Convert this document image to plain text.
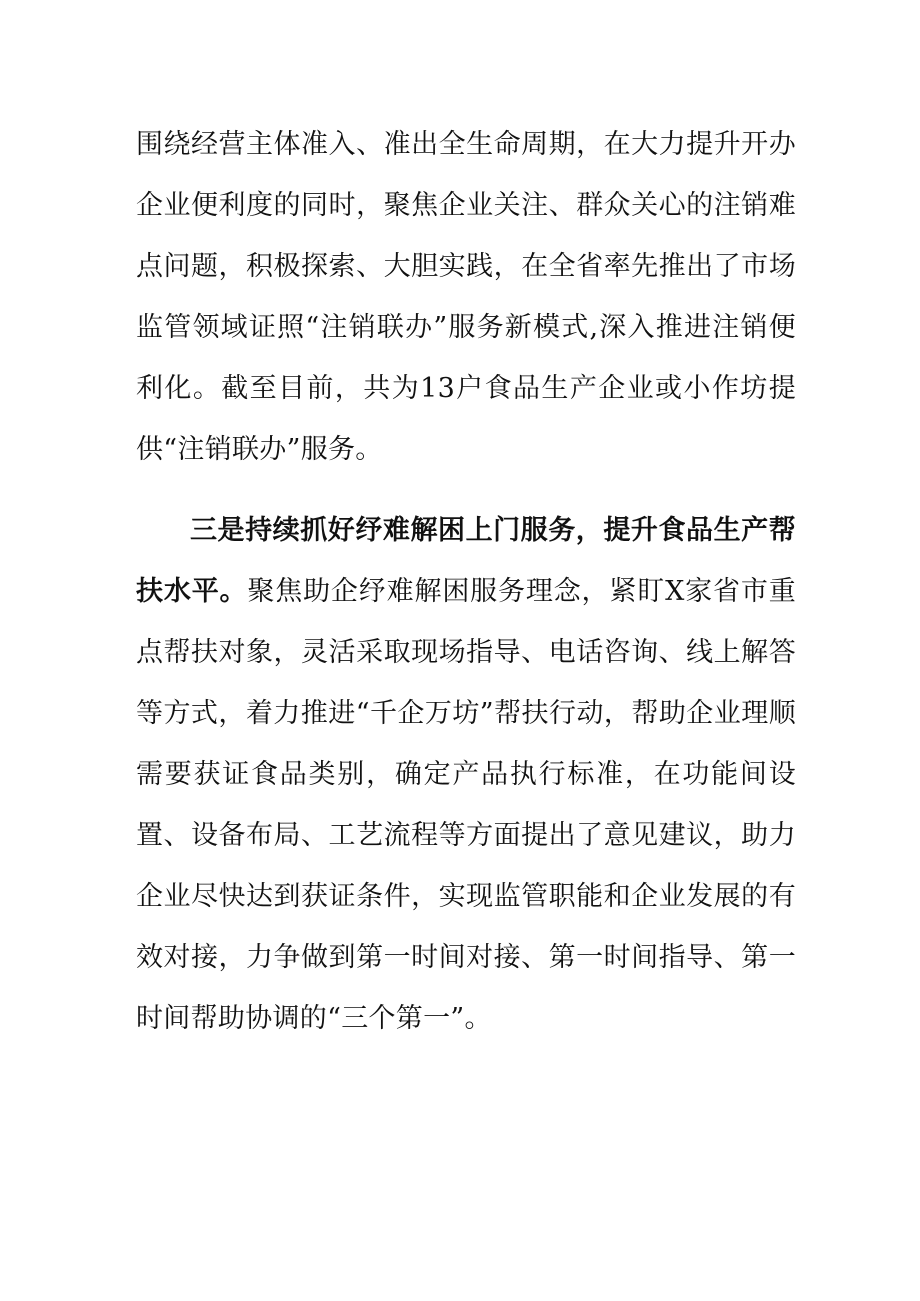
围绕经营主体准入、准出全生命周期，在大力提升开办企业便利度的同时，聚焦企业关注、群众关心的注销难点问题，积极探索、大胆实践，在全省率先推出了市场监管领域证照“注销联办”服务新模式,深入推进注销便利化。截至目前，共为13户食品生产企业或小作坊提供“注销联办”服务。

三是持续抓好纾难解困上门服务，提升食品生产帮扶水平。聚焦助企纾难解困服务理念，紧盯X家省市重点帮扶对象，灵活采取现场指导、电话咨询、线上解答等方式，着力推进“千企万坊”帮扶行动，帮助企业理顺需要获证食品类别，确定产品执行标准，在功能间设置、设备布局、工艺流程等方面提出了意见建议，助力企业尽快达到获证条件，实现监管职能和企业发展的有效对接，力争做到第一时间对接、第一时间指导、第一时间帮助协调的“三个第一”。
